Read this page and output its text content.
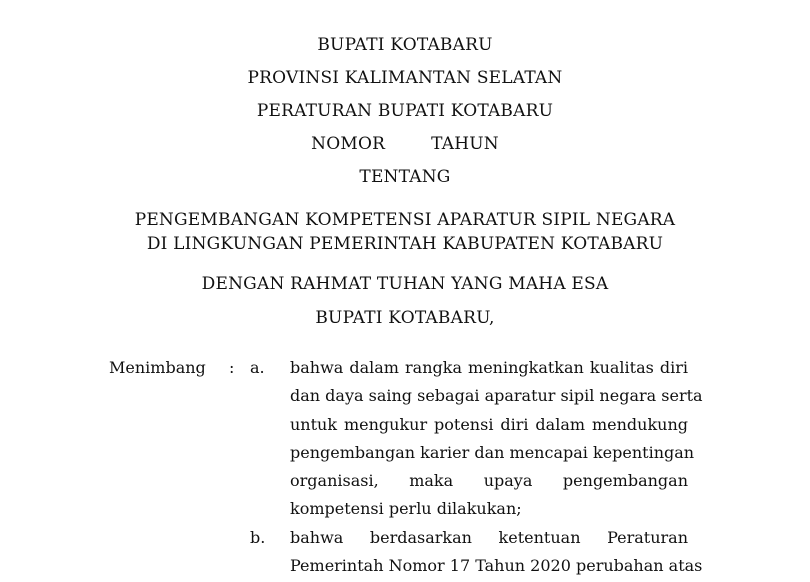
BUPATI KOTABARU
PROVINSI KALIMANTAN SELATAN
PERATURAN BUPATI KOTABARU
NOMOR	TAHUN
TENTANG
PENGEMBANGAN KOMPETENSI APARATUR SIPIL NEGARA
DI LINGKUNGAN PEMERINTAH KABUPATEN KOTABARU
DENGAN RAHMAT TUHAN YANG MAHA ESA
BUPATI KOTABARU,
Menimbang : a. bahwa dalam rangka meningkatkan kualitas diri
dan daya saing sebagai aparatur sipil negara serta
untuk mengukur potensi diri dalam mendukung
pengembangan karier dan mencapai kepentingan
organisasi, maka upaya pengembangan
kompetensi perlu dilakukan;
b. bahwa berdasarkan ketentuan Peraturan
Pemerintah Nomor 17 Tahun 2020 perubahan atas
